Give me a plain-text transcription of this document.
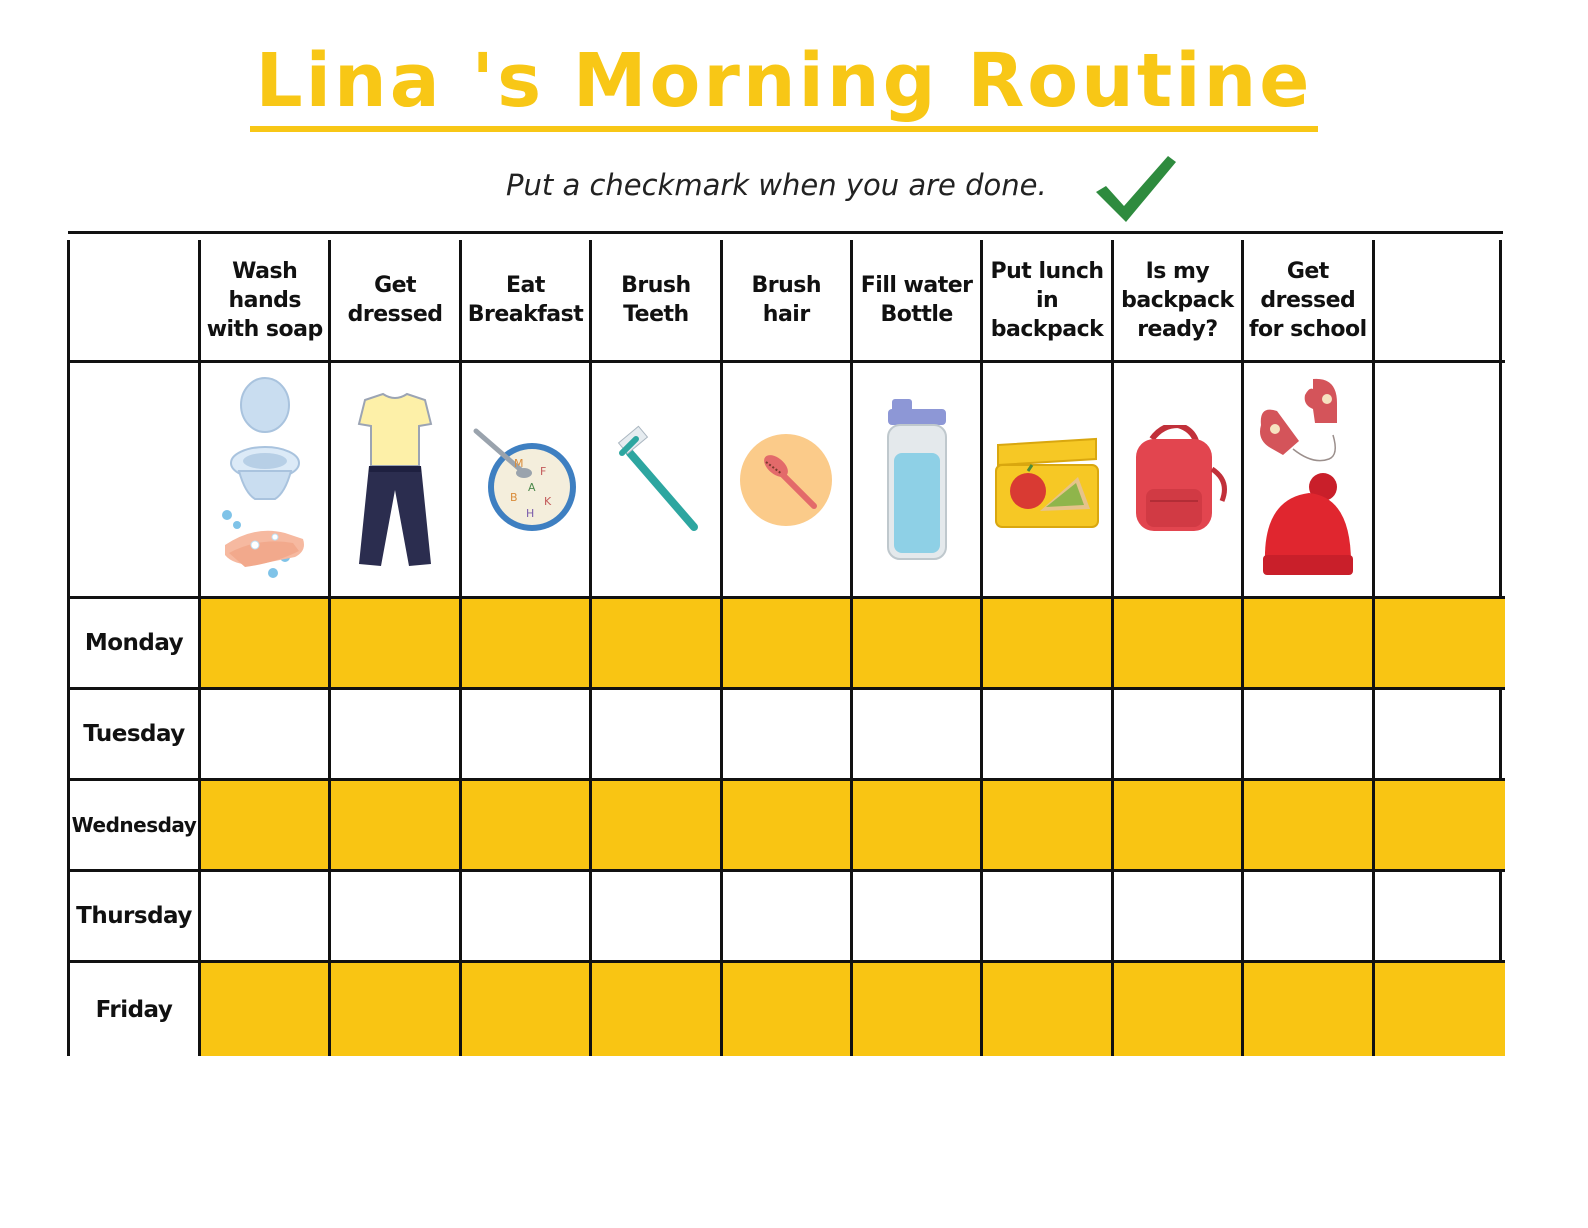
Lina 's Morning Routine
Put a checkmark when you are done.
Wash hands with soap
Get dressed
Eat Breakfast
Brush Teeth
Brush hair
Fill water Bottle
Put lunch in backpack
Is my backpack ready?
Get dressed for school
M
F
A
B K
H
Monday
Tuesday
Wednesday
Thursday
Friday
